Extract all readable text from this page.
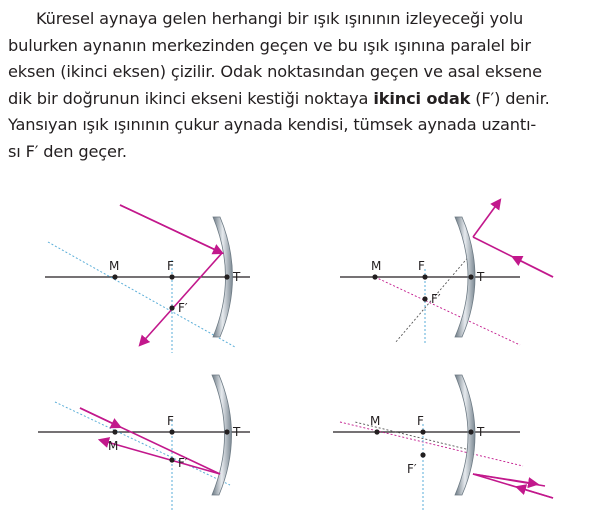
Küresel aynaya gelen herhangi bir ışık ışınının izleyeceği yolu
bulurken aynanın merkezinden geçen ve bu ışık ışınına paralel bir
eksen (ikinci eksen) çizilir. Odak noktasından geçen ve asal eksene
dik bir doğrunun ikinci ekseni kestiği noktaya ikinci odak (F′) denir.
Yansıyan ışık ışınının çukur aynada kendisi, tümsek aynada uzantı-
sı F′ den geçer.
M	F
T
F′
M	F
T
F′
M
F
T
F′
M	F
T
F′
